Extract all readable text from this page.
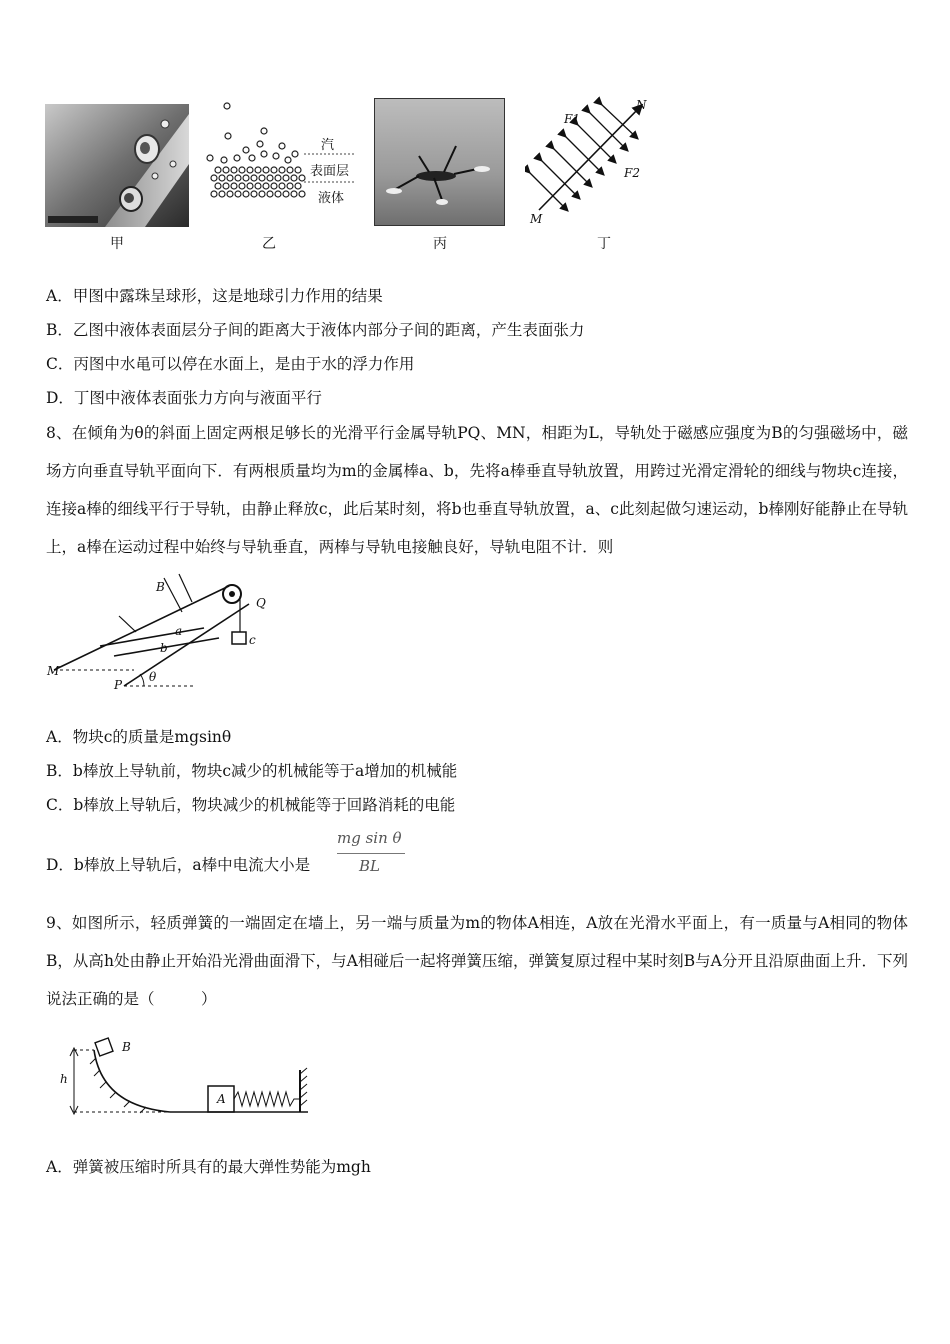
甲
汽
表面层
液体
乙	丙
F1
F2
N
M
丁
A．甲图中露珠呈球形，这是地球引力作用的结果
B．乙图中液体表面层分子间的距离大于液体内部分子间的距离，产生表面张力
C．丙图中水黾可以停在水面上，是由于水的浮力作用
D．丁图中液体表面张力方向与液面平行
8、在倾角为θ的斜面上固定两根足够长的光滑平行金属导轨PQ、MN，相距为L，导轨处于磁感应强度为B的匀强磁场中，磁场方向垂直导轨平面向下．有两根质量均为m的金属棒a、b，先将a棒垂直导轨放置，用跨过光滑定滑轮的细线与物块c连接，连接a棒的细线平行于导轨，由静止释放c，此后某时刻，将b也垂直导轨放置，a、c此刻起做匀速运动，b棒刚好能静止在导轨上，a棒在运动过程中始终与导轨垂直，两棒与导轨电接触良好，导轨电阻不计．则
B
Q
c
a
b
M
P
θ
A．物块c的质量是mgsinθ
B．b棒放上导轨前，物块c减少的机械能等于a增加的机械能
C．b棒放上导轨后，物块减少的机械能等于回路消耗的电能
D．b棒放上导轨后，a棒中电流大小是
mg sin θ
BL
9、如图所示，轻质弹簧的一端固定在墙上，另一端与质量为m的物体A相连，A放在光滑水平面上，有一质量与A相同的物体B，从高h处由静止开始沿光滑曲面滑下，与A相碰后一起将弹簧压缩，弹簧复原过程中某时刻B与A分开且沿原曲面上升．下列说法正确的是（　　　）
B
h
A
A．弹簧被压缩时所具有的最大弹性势能为mgh
